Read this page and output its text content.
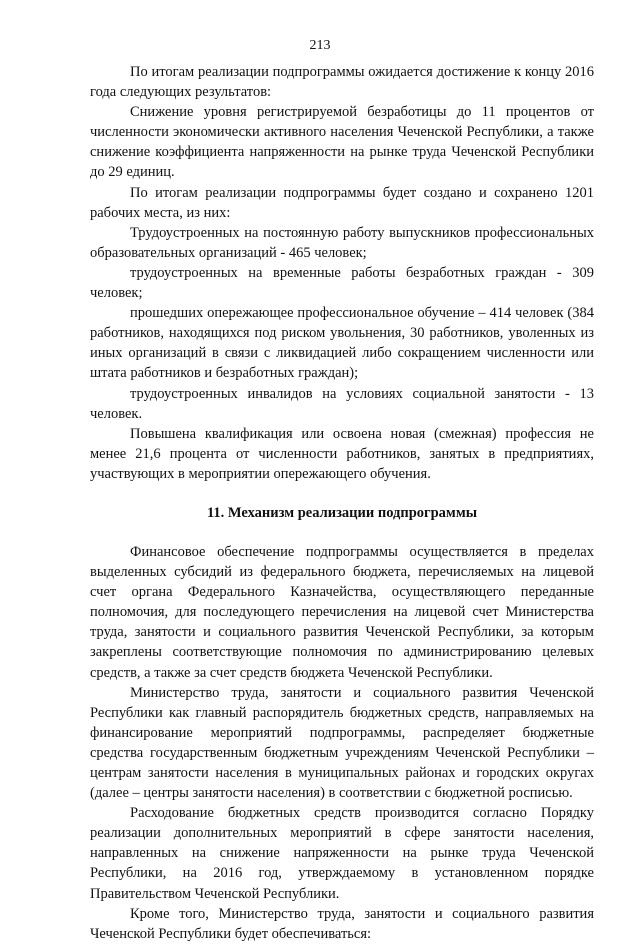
213

По итогам реализации подпрограммы ожидается достижение к концу 2016 года следующих результатов:

Снижение уровня регистрируемой безработицы до 11 процентов от численности экономически активного населения Чеченской Республики, а также снижение коэффициента напряженности на рынке труда Чеченской Республики до 29 единиц.

По итогам реализации подпрограммы будет создано и сохранено 1201 рабочих места, из них:

Трудоустроенных на постоянную работу выпускников профессиональных образовательных организаций - 465 человек;

трудоустроенных на временные работы безработных граждан - 309 человек;

прошедших опережающее профессиональное обучение – 414 человек (384 работников, находящихся под риском увольнения, 30 работников, уволенных из иных организаций в связи с ликвидацией либо сокращением численности или штата работников и безработных граждан);

трудоустроенных инвалидов на условиях социальной занятости - 13 человек.

Повышена квалификация или освоена новая (смежная) профессия не менее 21,6 процента от численности работников, занятых в предприятиях, участвующих в мероприятии опережающего обучения.

11. Механизм реализации подпрограммы

Финансовое обеспечение подпрограммы осуществляется в пределах выделенных субсидий из федерального бюджета, перечисляемых на лицевой счет органа Федерального Казначейства, осуществляющего переданные полномочия, для последующего перечисления на лицевой счет Министерства труда, занятости и социального развития Чеченской Республики, за которым закреплены соответствующие полномочия по администрированию целевых средств, а также за счет средств бюджета Чеченской Республики.

Министерство труда, занятости и социального развития Чеченской Республики как главный распорядитель бюджетных средств, направляемых на финансирование мероприятий подпрограммы, распределяет бюджетные средства государственным бюджетным учреждениям Чеченской Республики – центрам занятости населения в муниципальных районах и городских округах (далее – центры занятости населения) в соответствии с бюджетной росписью.

Расходование бюджетных средств производится согласно Порядку реализации дополнительных мероприятий в сфере занятости населения, направленных на снижение напряженности на рынке труда Чеченской Республики, на 2016 год, утверждаемому в установленном порядке Правительством Чеченской Республики.

Кроме того, Министерство труда, занятости и социального развития Чеченской Республики будет обеспечиваться:
